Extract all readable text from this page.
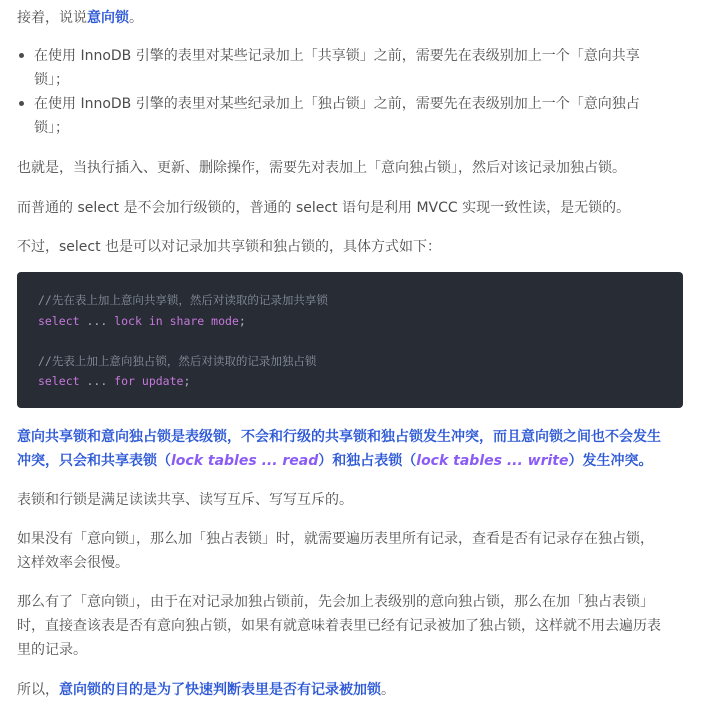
接着，说说意向锁。

在使用 InnoDB 引擎的表里对某些记录加上「共享锁」之前，需要先在表级别加上一个「意向共享
锁」；
在使用 InnoDB 引擎的表里对某些纪录加上「独占锁」之前，需要先在表级别加上一个「意向独占
锁」；

也就是，当执行插入、更新、删除操作，需要先对表加上「意向独占锁」，然后对该记录加独占锁。

而普通的 select 是不会加行级锁的，普通的 select 语句是利用 MVCC 实现一致性读，是无锁的。

不过，select 也是可以对记录加共享锁和独占锁的，具体方式如下：

//先在表上加上意向共享锁，然后对读取的记录加共享锁
select ... lock in share mode;
//先表上加上意向独占锁，然后对读取的记录加独占锁
select ... for update;

意向共享锁和意向独占锁是表级锁，不会和行级的共享锁和独占锁发生冲突，而且意向锁之间也不会发生
冲突，只会和共享表锁（lock tables ... read）和独占表锁（lock tables ... write）发生冲突。

表锁和行锁是满足读读共享、读写互斥、写写互斥的。

如果没有「意向锁」，那么加「独占表锁」时，就需要遍历表里所有记录，查看是否有记录存在独占锁，
这样效率会很慢。

那么有了「意向锁」，由于在对记录加独占锁前，先会加上表级别的意向独占锁，那么在加「独占表锁」
时，直接查该表是否有意向独占锁，如果有就意味着表里已经有记录被加了独占锁，这样就不用去遍历表
里的记录。

所以，意向锁的目的是为了快速判断表里是否有记录被加锁。
